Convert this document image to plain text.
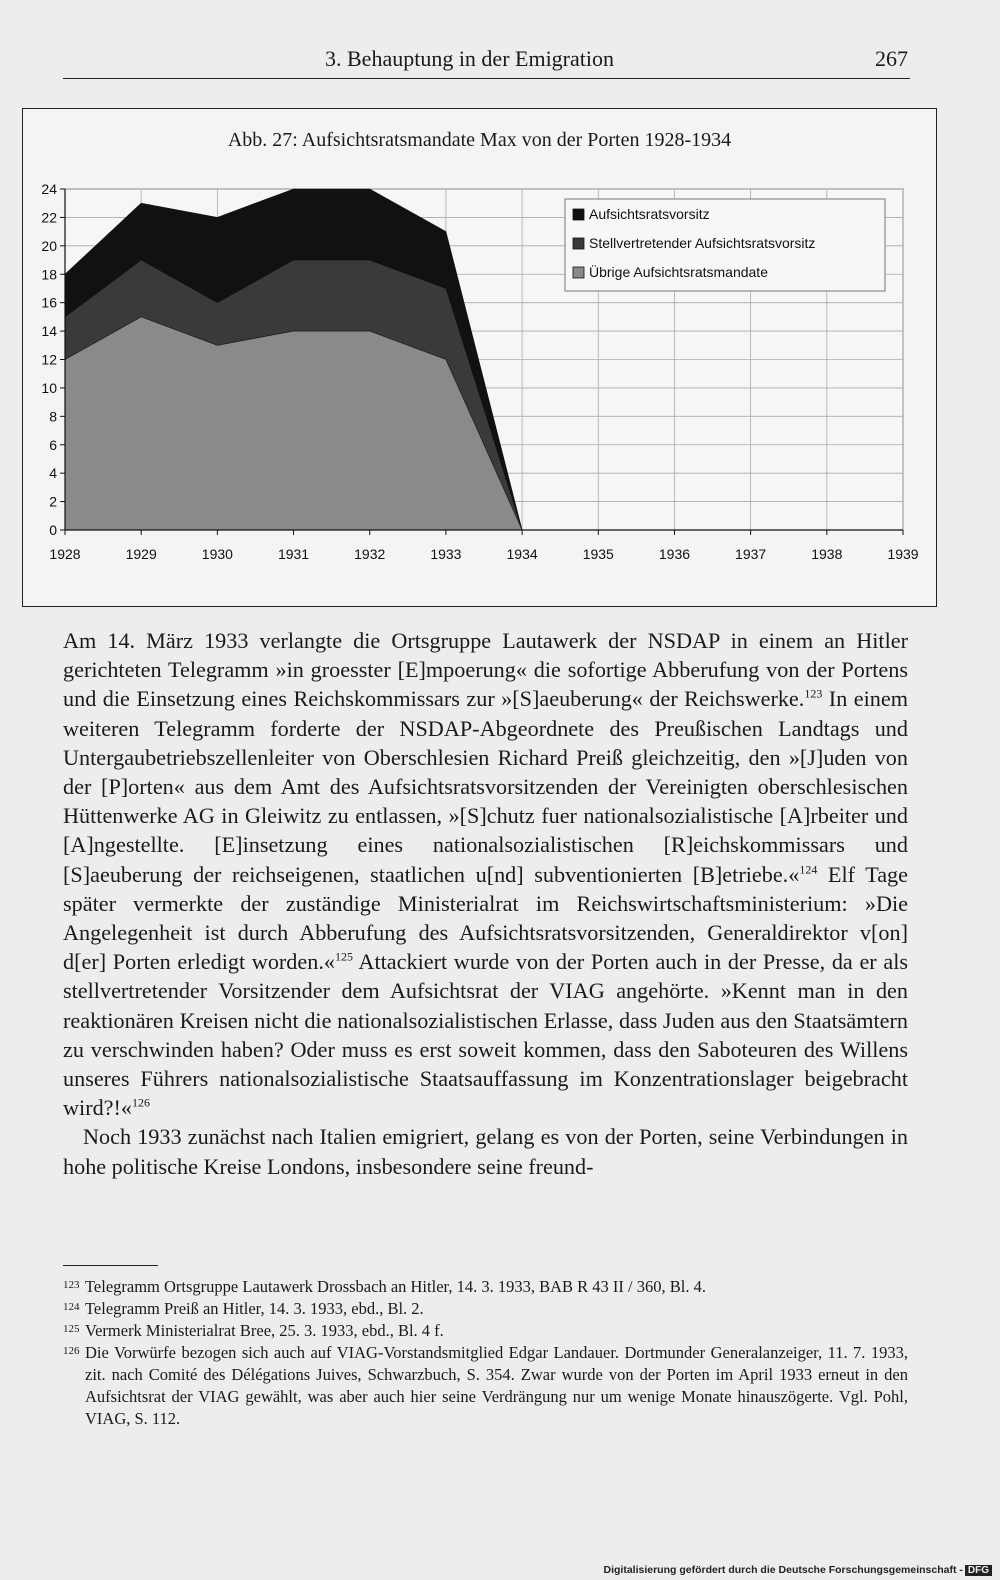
3. Behauptung in der Emigration	267
Abb. 27: Aufsichtsratsmandate Max von der Porten 1928-1934
0
2
4
6
8
10
12
14
16
18
20
22
24
1928	1929	1930	1931	1932	1933	1934	1935	1936	1937	1938	1939
Aufsichtsratsvorsitz
Stellvertretender Aufsichtsratsvorsitz
Übrige Aufsichtsratsmandate

Am 14. März 1933 verlangte die Ortsgruppe Lautawerk der NSDAP in einem an Hitler gerichteten Telegramm »in groesster [E]mpoerung« die sofortige Abberufung von der Portens und die Einsetzung eines Reichskommissars zur »[S]aeuberung« der Reichswerke.$^{123}$ In einem weiteren Telegramm forderte der NSDAP-Abgeordnete des Preußischen Landtags und Untergaubetriebszellenleiter von Oberschlesien Richard Preiß gleichzeitig, den »[J]uden von der [P]orten« aus dem Amt des Aufsichtsratsvorsitzenden der Vereinigten oberschlesischen Hüttenwerke AG in Gleiwitz zu entlassen, »[S]chutz fuer nationalsozialistische [A]rbeiter und [A]ngestellte. [E]insetzung eines nationalsozialistischen [R]eichskommissars und [S]aeuberung der reichseigenen, staatlichen u[nd] subventionierten [B]etriebe.«$^{124}$ Elf Tage später vermerkte der zuständige Ministerialrat im Reichswirtschaftsministerium: »Die Angelegenheit ist durch Abberufung des Aufsichtsratsvorsitzenden, Generaldirektor v[on] d[er] Porten erledigt worden.«$^{125}$ Attackiert wurde von der Porten auch in der Presse, da er als stellvertretender Vorsitzender dem Aufsichtsrat der VIAG angehörte. »Kennt man in den reaktionären Kreisen nicht die nationalsozialistischen Erlasse, dass Juden aus den Staatsämtern zu verschwinden haben? Oder muss es erst soweit kommen, dass den Saboteuren des Willens unseres Führers nationalsozialistische Staatsauffassung im Konzentrationslager beigebracht wird?!«$^{126}$

Noch 1933 zunächst nach Italien emigriert, gelang es von der Porten, seine Verbindungen in hohe politische Kreise Londons, insbesondere seine freund-

123 Telegramm Ortsgruppe Lautawerk Drossbach an Hitler, 14. 3. 1933, BAB R 43 II / 360, Bl. 4.
124 Telegramm Preiß an Hitler, 14. 3. 1933, ebd., Bl. 2.
125 Vermerk Ministerialrat Bree, 25. 3. 1933, ebd., Bl. 4 f.
126 Die Vorwürfe bezogen sich auch auf VIAG-Vorstandsmitglied Edgar Landauer. Dortmunder Generalanzeiger, 11. 7. 1933, zit. nach Comité des Délégations Juives, Schwarzbuch, S. 354. Zwar wurde von der Porten im April 1933 erneut in den Aufsichtsrat der VIAG gewählt, was aber auch hier seine Verdrängung nur um wenige Monate hinauszögerte. Vgl. Pohl, VIAG, S. 112.
Digitalisierung gefördert durch die Deutsche Forschungsgemeinschaft - DFG
